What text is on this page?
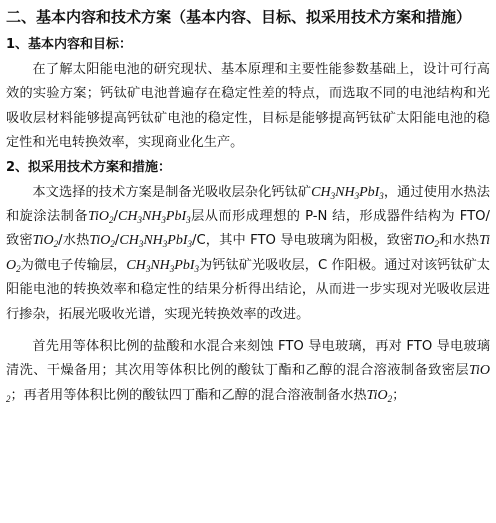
二、基本内容和技术方案（基本内容、目标、拟采用技术方案和措施）
1、基本内容和目标：

在了解太阳能电池的研究现状、基本原理和主要性能参数基础上，设计可行高效的实验方案；钙钛矿电池普遍存在稳定性差的特点，而选取不同的电池结构和光吸收层材料能够提高钙钛矿电池的稳定性，目标是能够提高钙钛矿太阳能电池的稳定性和光电转换效率，实现商业化生产。

2、拟采用技术方案和措施：

本文选择的技术方案是制备光吸收层杂化钙钛矿$CH_3NH_3PbI_3$，通过使用水热法和旋涂法制备$TiO_2/CH_3NH_3PbI_3$层从而形成理想的 P-N 结，形成器件结构为 FTO/致密TiO$_2$/水热$TiO_2/CH_3NH_3PbI_3/C$，其中 FTO 导电玻璃为阳极，致密TiO$_2$和水热TiO$_2$为微电子传输层，$CH_3NH_3PbI_3$为钙钛矿光吸收层，C 作阳极。通过对该钙钛矿太阳能电池的转换效率和稳定性的结果分析得出结论，从而进一步实现对光吸收层进行掺杂，拓展光吸收光谱，实现光转换效率的改进。

首先用等体积比例的盐酸和水混合来刻蚀 FTO 导电玻璃，再对 FTO 导电玻璃清洗、干燥备用；其次用等体积比例的酸钛丁酯和乙醇的混合溶液制备致密层TiO$_2$；再者用等体积比例的酸钛四丁酯和乙醇的混合溶液制备水热TiO$_2$；
